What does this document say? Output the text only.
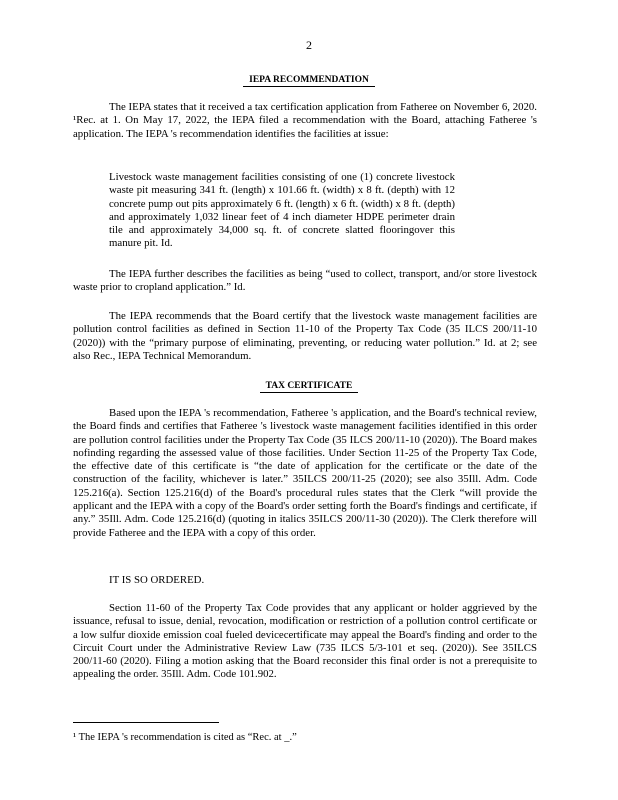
2
IEPA RECOMMENDATION
The IEPA states that it received a tax certification application from Fatheree on November 6, 2020. ¹Rec. at 1. On May 17, 2022, the IEPA filed a recommendation with the Board, attaching Fatheree 's application. The IEPA 's recommendation identifies the facilities at issue:
Livestock waste management facilities consisting of one (1) concrete livestock waste pit measuring 341 ft. (length) x 101.66 ft. (width) x 8 ft. (depth) with 12 concrete pump out pits approximately 6 ft. (length) x 6 ft. (width) x 8 ft. (depth) and approximately 1,032 linear feet of 4 inch diameter HDPE perimeter drain tile and approximately 34,000 sq. ft. of concrete slatted flooringover this manure pit. Id.
The IEPA further describes the facilities as being “used to collect, transport, and/or store livestock waste prior to cropland application.” Id.
The IEPA recommends that the Board certify that the livestock waste management facilities are pollution control facilities as defined in Section 11-10 of the Property Tax Code (35 ILCS 200/11-10 (2020)) with the “primary purpose of eliminating, preventing, or reducing water pollution.” Id. at 2; see also Rec., IEPA Technical Memorandum.
TAX CERTIFICATE
Based upon the IEPA 's recommendation, Fatheree 's application, and the Board's technical review, the Board finds and certifies that Fatheree 's livestock waste management facilities identified in this order are pollution control facilities under the Property Tax Code (35 ILCS 200/11-10 (2020)). The Board makes nofinding regarding the assessed value of those facilities. Under Section 11-25 of the Property Tax Code, the effective date of this certificate is “the date of application for the certificate or the date of the construction of the facility, whichever is later.” 35ILCS 200/11-25 (2020); see also 35Ill. Adm. Code 125.216(a). Section 125.216(d) of the Board's procedural rules states that the Clerk “will provide the applicant and the IEPA with a copy of the Board's order setting forth the Board's findings and certificate, if any.” 35Ill. Adm. Code 125.216(d) (quoting in italics 35ILCS 200/11-30 (2020)). The Clerk therefore will provide Fatheree and the IEPA with a copy of this order.
IT IS SO ORDERED.
Section 11-60 of the Property Tax Code provides that any applicant or holder aggrieved by the issuance, refusal to issue, denial, revocation, modification or restriction of a pollution control certificate or a low sulfur dioxide emission coal fueled devicecertificate may appeal the Board's finding and order to the Circuit Court under the Administrative Review Law (735 ILCS 5/3-101 et seq. (2020)). See 35ILCS 200/11-60 (2020). Filing a motion asking that the Board reconsider this final order is not a prerequisite to appealing the order. 35Ill. Adm. Code 101.902.
¹ The IEPA 's recommendation is cited as “Rec. at _.”
